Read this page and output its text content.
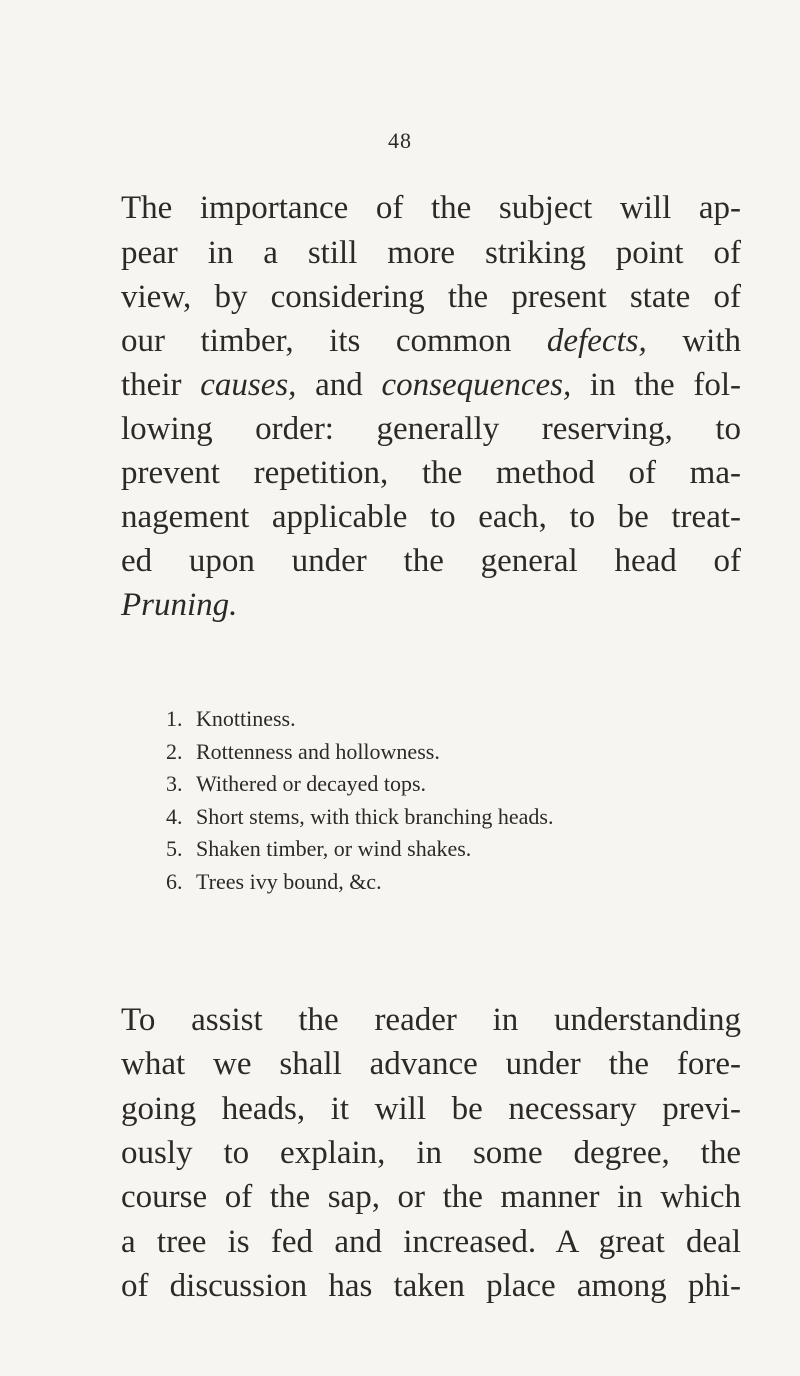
48
The importance of the subject will ap-
pear in a still more striking point of
view, by considering the present state of
our timber, its common defects, with
their causes, and consequences, in the fol-
lowing order: generally reserving, to
prevent repetition, the method of ma-
nagement applicable to each, to be treat-
ed upon under the general head of
Pruning.
1. Knottiness.
2. Rottenness and hollowness.
3. Withered or decayed tops.
4. Short stems, with thick branching heads.
5. Shaken timber, or wind shakes.
6. Trees ivy bound, &c.
To assist the reader in understanding
what we shall advance under the fore-
going heads, it will be necessary previ-
ously to explain, in some degree, the
course of the sap, or the manner in which
a tree is fed and increased. A great deal
of discussion has taken place among phi-
